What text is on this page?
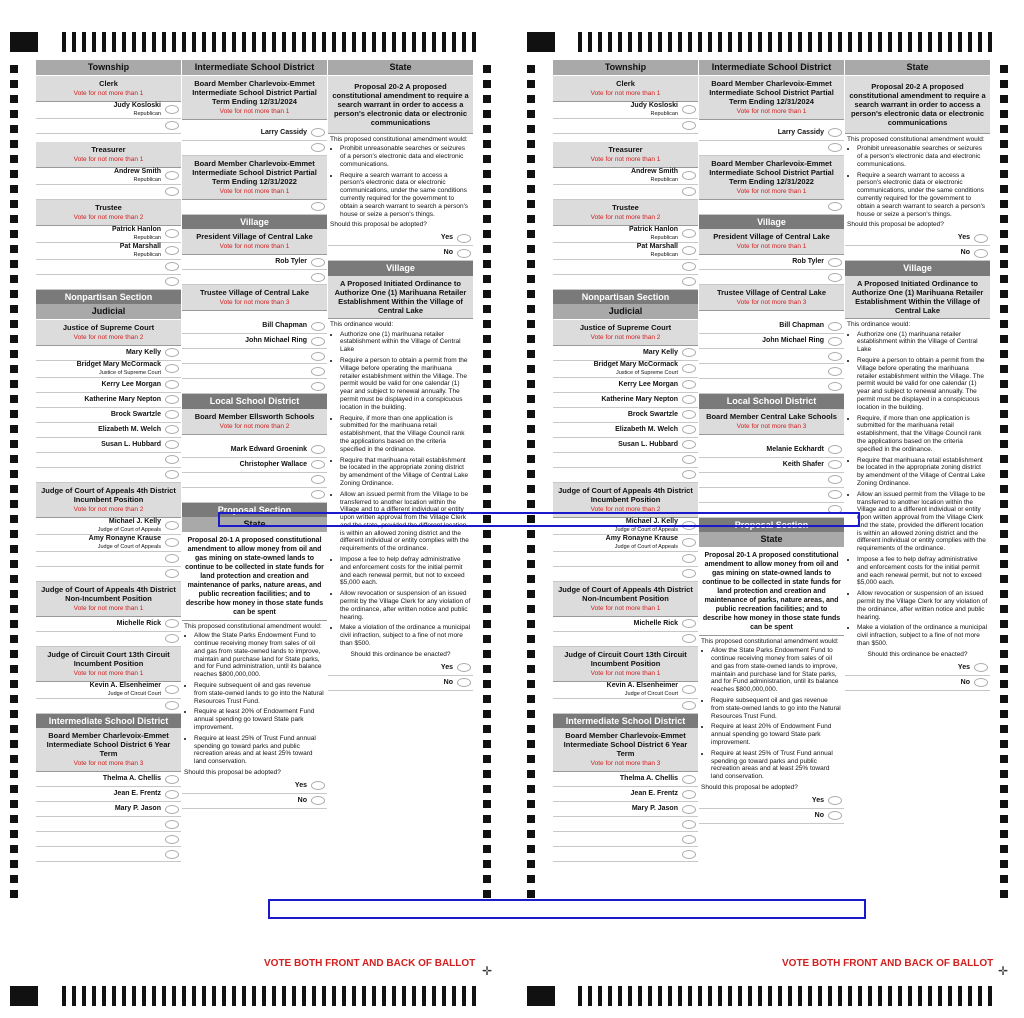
Township
Clerk
Vote for not more than 1
Judy Kosloski
Republican
Treasurer
Vote for not more than 1
Andrew Smith
Republican
Trustee
Vote for not more than 2
Patrick Hanlon
Republican
Pat Marshall
Republican
Nonpartisan Section
Judicial
Justice of Supreme Court
Vote for not more than 2
Mary Kelly
Bridget Mary McCormack
Justice of Supreme Court
Kerry Lee Morgan
Katherine Mary Nepton
Brock Swartzle
Elizabeth M. Welch
Susan L. Hubbard
Judge of Court of Appeals 4th District Incumbent Position
Vote for not more than 2
Michael J. Kelly
Judge of Court of Appeals
Amy Ronayne Krause
Judge of Court of Appeals
Judge of Court of Appeals 4th District Non-Incumbent Position
Vote for not more than 1
Michelle Rick
Judge of Circuit Court 13th Circuit Incumbent Position
Vote for not more than 1
Kevin A. Elsenheimer
Judge of Circuit Court
Intermediate School District
Board Member Charlevoix-Emmet Intermediate School District 6 Year Term
Vote for not more than 3
Thelma A. Chellis
Jean E. Frentz
Mary P. Jason
Intermediate School District
Board Member Charlevoix-Emmet Intermediate School District Partial Term Ending 12/31/2024
Vote for not more than 1
Larry Cassidy
Board Member Charlevoix-Emmet Intermediate School District Partial Term Ending 12/31/2022
Vote for not more than 1
Village
President Village of Central Lake
Vote for not more than 1
Rob Tyler
Trustee Village of Central Lake
Vote for not more than 3
Bill Chapman
John Michael Ring
Local School District
Board Member Ellsworth Schools
Vote for not more than 2
Mark Edward Groenink
Christopher Wallace
Proposal Section
State
Proposal 20-1 A proposed constitutional amendment to allow money from oil and gas mining on state-owned lands to continue to be collected in state funds for land protection and creation and maintenance of parks, nature areas, and public recreation facilities; and to describe how money in those state funds can be spent
This proposed constitutional amendment would:
• Allow the State Parks Endowment Fund to continue receiving money from sales of oil and gas from state-owned lands to improve, maintain and purchase land for State parks, and for Fund administration, until its balance reaches $800,000,000.
• Require subsequent oil and gas revenue from state-owned lands to go into the Natural Resources Trust Fund.
• Require at least 20% of Endowment Fund annual spending go toward State park improvement.
• Require at least 25% of Trust Fund annual spending go toward parks and public recreation areas and at least 25% toward land conservation.
Should this proposal be adopted?
Yes
No
State
Proposal 20-2 A proposed constitutional amendment to require a search warrant in order to access a person's electronic data or electronic communications
This proposed constitutional amendment would:
• Prohibit unreasonable searches or seizures of a person's electronic data and electronic communications.
• Require a search warrant to access a person's electronic data or electronic communications, under the same conditions currently required for the government to obtain a search warrant to search a person's house or seize a person's things.
Should this proposal be adopted?
Yes
No
Village
A Proposed Initiated Ordinance to Authorize One (1) Marihuana Retailer Establishment Within the Village of Central Lake
This ordinance would:
• Authorize one (1) marihuana retailer establishment within the Village of Central Lake
• Require a person to obtain a permit from the Village before operating the marihuana retailer establishment within the Village. The permit would be valid for one calendar (1) year and subject to renewal annually. The permit must be displayed in a conspicuous location in the building.
• Require, if more than one application is submitted for the marihuana retail establishment, that the Village Council rank the applications based on the criteria specified in the ordinance.
• Require that marihuana retail establishment be located in the appropriate zoning district by amendment of the Village of Central Lake Zoning Ordinance.
• Allow an issued permit from the Village to be transferred to another location within the Village and to a different individual or entity upon written approval from the Village Clerk and the state, provided the different location is within an allowed zoning district and the different individual or entity complies with the requirements of the ordinance.
• Impose a fee to help defray administrative and enforcement costs for the initial permit and each renewal permit, but not to exceed $5,000 each.
• Allow revocation or suspension of an issued permit by the Village Clerk for any violation of the ordinance, after written notice and public hearing.
• Make a violation of the ordinance a municipal civil infraction, subject to a fine of not more than $500.
Should this ordinance be enacted?
Yes
No
Township
Clerk
Vote for not more than 1
Judy Kosloski
Republican
Treasurer
Vote for not more than 1
Andrew Smith
Republican
Trustee
Vote for not more than 2
Patrick Hanlon
Republican
Pat Marshall
Republican
Nonpartisan Section
Judicial
Justice of Supreme Court
Vote for not more than 2
Mary Kelly
Bridget Mary McCormack
Justice of Supreme Court
Kerry Lee Morgan
Katherine Mary Nepton
Brock Swartzle
Elizabeth M. Welch
Susan L. Hubbard
Judge of Court of Appeals 4th District Incumbent Position
Vote for not more than 2
Michael J. Kelly
Judge of Court of Appeals
Amy Ronayne Krause
Judge of Court of Appeals
Judge of Court of Appeals 4th District Non-Incumbent Position
Vote for not more than 1
Michelle Rick
Judge of Circuit Court 13th Circuit Incumbent Position
Vote for not more than 1
Kevin A. Elsenheimer
Judge of Circuit Court
Intermediate School District
Board Member Charlevoix-Emmet Intermediate School District 6 Year Term
Vote for not more than 3
Thelma A. Chellis
Jean E. Frentz
Mary P. Jason
Intermediate School District
Board Member Charlevoix-Emmet Intermediate School District Partial Term Ending 12/31/2024
Vote for not more than 1
Larry Cassidy
Board Member Charlevoix-Emmet Intermediate School District Partial Term Ending 12/31/2022
Vote for not more than 1
Village
President Village of Central Lake
Vote for not more than 1
Rob Tyler
Trustee Village of Central Lake
Vote for not more than 3
Bill Chapman
John Michael Ring
Local School District
Board Member Central Lake Schools
Vote for not more than 3
Melanie Eckhardt
Keith Shafer
Proposal Section
State
Proposal 20-1 A proposed constitutional amendment to allow money from oil and gas mining on state-owned lands to continue to be collected in state funds for land protection and creation and maintenance of parks, nature areas, and public recreation facilities; and to describe how money in those state funds can be spent
This proposed constitutional amendment would:
• Allow the State Parks Endowment Fund to continue receiving money from sales of oil and gas from state-owned lands to improve, maintain and purchase land for State parks, and for Fund administration, until its balance reaches $800,000,000.
• Require subsequent oil and gas revenue from state-owned lands to go into the Natural Resources Trust Fund.
• Require at least 20% of Endowment Fund annual spending go toward State park improvement.
• Require at least 25% of Trust Fund annual spending go toward parks and public recreation areas and at least 25% toward land conservation.
Should this proposal be adopted?
Yes
No
State
Proposal 20-2 A proposed constitutional amendment to require a search warrant in order to access a person's electronic data or electronic communications
This proposed constitutional amendment would:
• Prohibit unreasonable searches or seizures of a person's electronic data and electronic communications.
• Require a search warrant to access a person's electronic data or electronic communications, under the same conditions currently required for the government to obtain a search warrant to search a person's house or seize a person's things.
Should this proposal be adopted?
Yes
No
Village
A Proposed Initiated Ordinance to Authorize One (1) Marihuana Retailer Establishment Within the Village of Central Lake
This ordinance would:
• Authorize one (1) marihuana retailer establishment within the Village of Central Lake
• Require a person to obtain a permit from the Village before operating the marihuana retailer establishment within the Village. The permit would be valid for one calendar (1) year and subject to renewal annually. The permit must be displayed in a conspicuous location in the building.
• Require, if more than one application is submitted for the marihuana retail establishment, that the Village Council rank the applications based on the criteria specified in the ordinance.
• Require that marihuana retail establishment be located in the appropriate zoning district by amendment of the Village of Central Lake Zoning Ordinance.
• Allow an issued permit from the Village to be transferred to another location within the Village and to a different individual or entity upon written approval from the Village Clerk and the state, provided the different location is within an allowed zoning district and the different individual or entity complies with the requirements of the ordinance.
• Impose a fee to help defray administrative and enforcement costs for the initial permit and each renewal permit, but not to exceed $5,000 each.
• Allow revocation or suspension of an issued permit by the Village Clerk for any violation of the ordinance, after written notice and public hearing.
• Make a violation of the ordinance a municipal civil infraction, subject to a fine of not more than $500.
Should this ordinance be enacted?
Yes
No
VOTE BOTH FRONT AND BACK OF BALLOT	VOTE BOTH FRONT AND BACK OF BALLOT
✛	✛
